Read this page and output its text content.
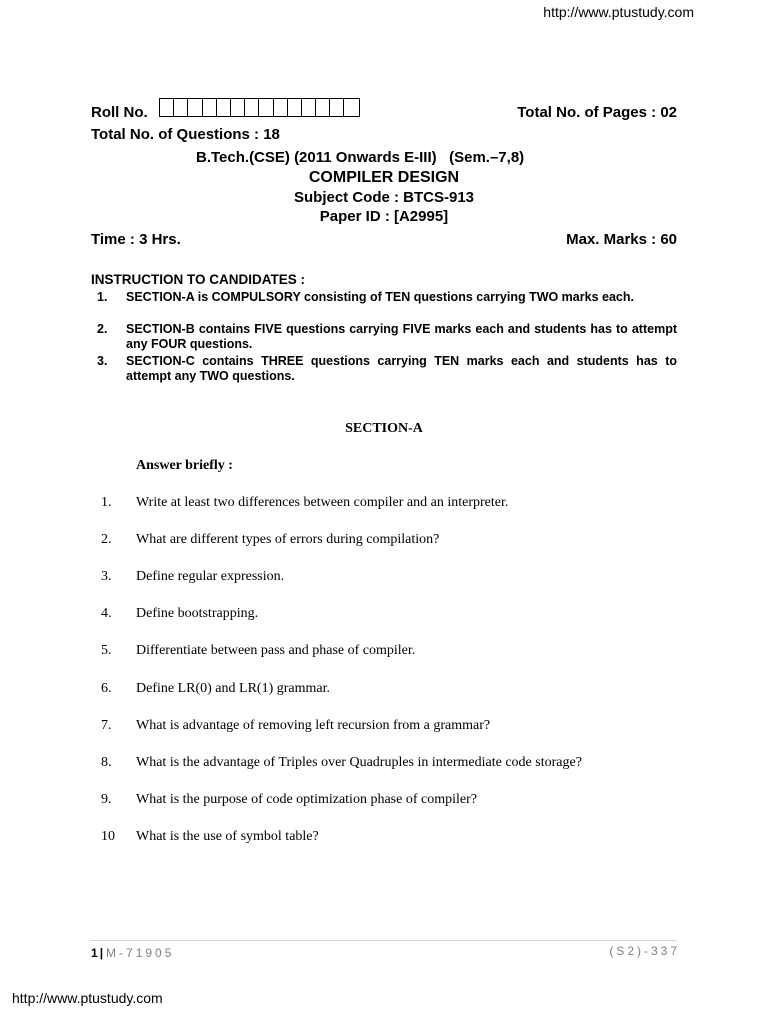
http://www.ptustudy.com
Roll No.	Total No. of Pages : 02
Total No. of Questions : 18
B.Tech.(CSE) (2011 Onwards E-III)   (Sem.–7,8)
COMPILER DESIGN
Subject Code : BTCS-913
Paper ID : [A2995]
Time : 3 Hrs.	Max. Marks : 60
INSTRUCTION TO CANDIDATES :
1. SECTION-A is COMPULSORY consisting of TEN questions carrying TWO marks each.
2. SECTION-B contains FIVE questions carrying FIVE marks each and students has to attempt any FOUR questions.
3. SECTION-C contains THREE questions carrying TEN marks each and students has to attempt any TWO questions.
SECTION-A
Answer briefly :
1. Write at least two differences between compiler and an interpreter.
2. What are different types of errors during compilation?
3. Define regular expression.
4. Define bootstrapping.
5. Differentiate between pass and phase of compiler.
6. Define LR(0) and LR(1) grammar.
7. What is advantage of removing left recursion from a grammar?
8. What is the advantage of Triples over Quadruples in intermediate code storage?
9. What is the purpose of code optimization phase of compiler?
10 What is the use of symbol table?
1 | M-71905	(S2)-337
http://www.ptustudy.com
